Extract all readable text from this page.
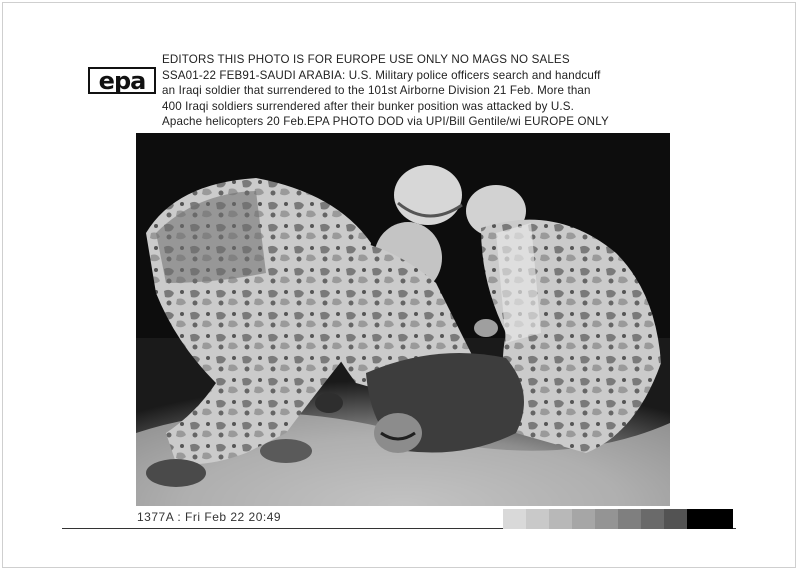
epa
EDITORS THIS PHOTO IS FOR EUROPE USE ONLY NO MAGS NO SALES
SSA01-22 FEB91-SAUDI ARABIA: U.S. Military police officers search and handcuff
an Iraqi soldier that surrendered to the 101st Airborne Division 21 Feb. More than
400 Iraqi soldiers surrendered after their bunker position was attacked by U.S.
Apache helicopters 20 Feb.EPA PHOTO DOD via UPI/Bill Gentile/wi EUROPE ONLY
1377A : Fri Feb 22 20:49
